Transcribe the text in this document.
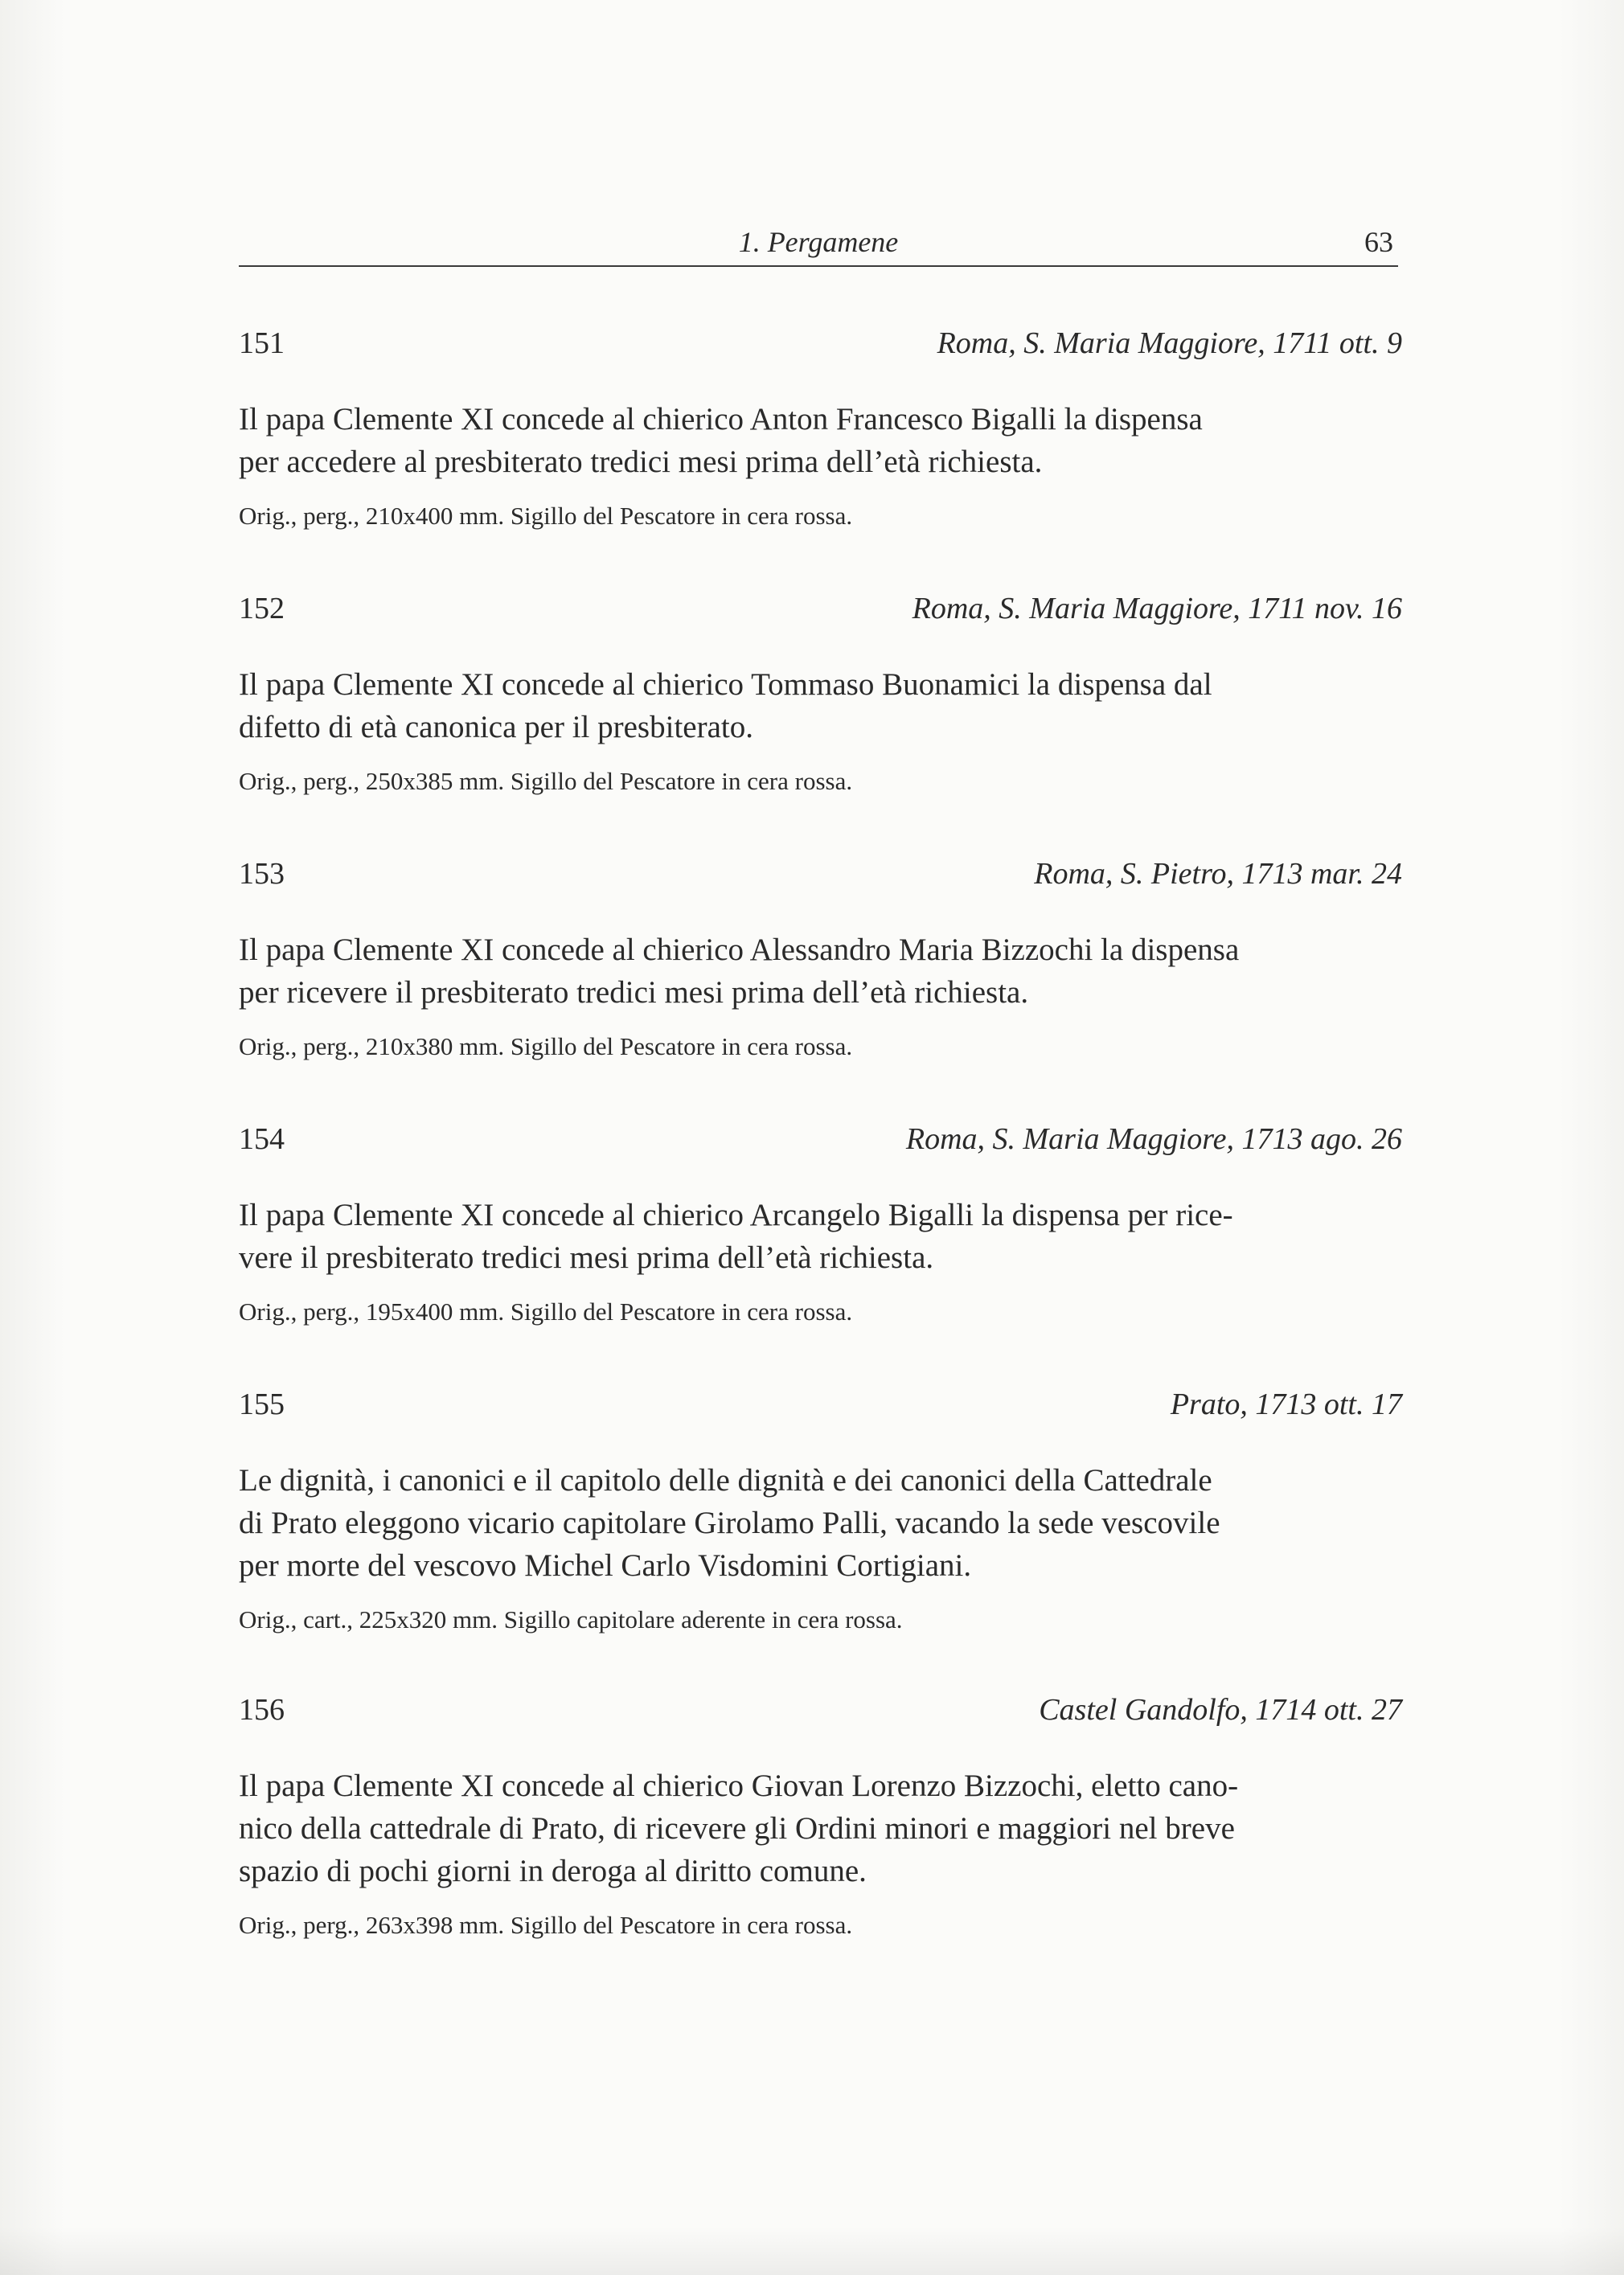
1. Pergamene	63
151	Roma, S. Maria Maggiore, 1711 ott. 9
Il papa Clemente XI concede al chierico Anton Francesco Bigalli la dispensa
per accedere al presbiterato tredici mesi prima dell’età richiesta.
Orig., perg., 210x400 mm. Sigillo del Pescatore in cera rossa.
152	Roma, S. Maria Maggiore, 1711 nov. 16
Il papa Clemente XI concede al chierico Tommaso Buonamici la dispensa dal
difetto di età canonica per il presbiterato.
Orig., perg., 250x385 mm. Sigillo del Pescatore in cera rossa.
153	Roma, S. Pietro, 1713 mar. 24
Il papa Clemente XI concede al chierico Alessandro Maria Bizzochi la dispensa
per ricevere il presbiterato tredici mesi prima dell’età richiesta.
Orig., perg., 210x380 mm. Sigillo del Pescatore in cera rossa.
154	Roma, S. Maria Maggiore, 1713 ago. 26
Il papa Clemente XI concede al chierico Arcangelo Bigalli la dispensa per rice-
vere il presbiterato tredici mesi prima dell’età richiesta.
Orig., perg., 195x400 mm. Sigillo del Pescatore in cera rossa.
155	Prato, 1713 ott. 17
Le dignità, i canonici e il capitolo delle dignità e dei canonici della Cattedrale
di Prato eleggono vicario capitolare Girolamo Palli, vacando la sede vescovile
per morte del vescovo Michel Carlo Visdomini Cortigiani.
Orig., cart., 225x320 mm. Sigillo capitolare aderente in cera rossa.
156	Castel Gandolfo, 1714 ott. 27
Il papa Clemente XI concede al chierico Giovan Lorenzo Bizzochi, eletto cano-
nico della cattedrale di Prato, di ricevere gli Ordini minori e maggiori nel breve
spazio di pochi giorni in deroga al diritto comune.
Orig., perg., 263x398 mm. Sigillo del Pescatore in cera rossa.
